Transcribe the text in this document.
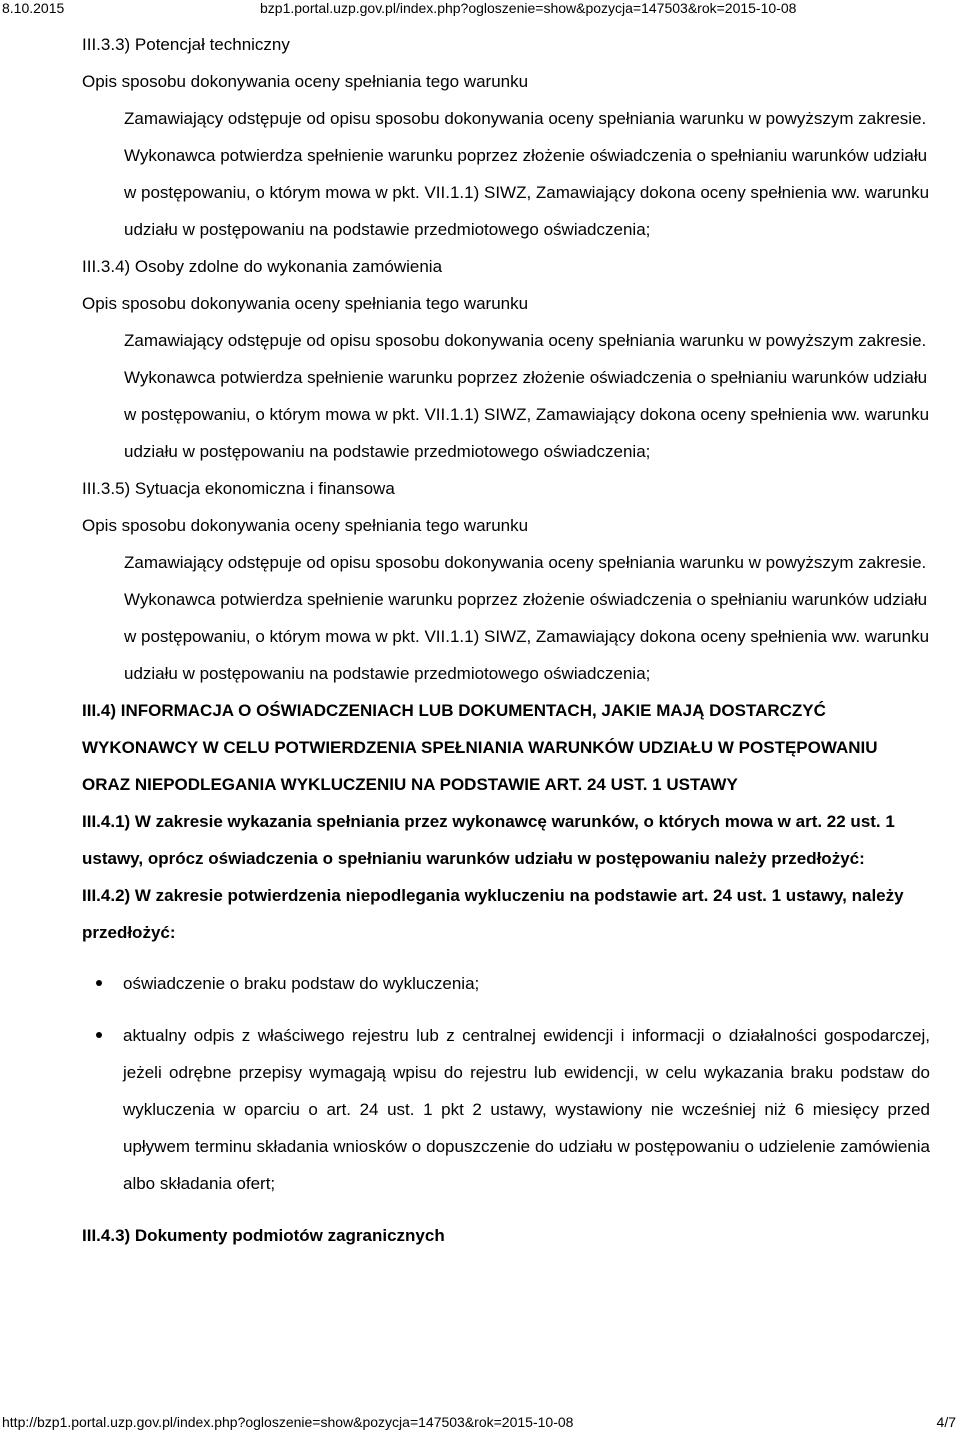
8.10.2015	bzp1.portal.uzp.gov.pl/index.php?ogloszenie=show&pozycja=147503&rok=2015-10-08

III.3.3) Potencjał techniczny

Opis sposobu dokonywania oceny spełniania tego warunku

Zamawiający odstępuje od opisu sposobu dokonywania oceny spełniania warunku w powyższym zakresie. Wykonawca potwierdza spełnienie warunku poprzez złożenie oświadczenia o spełnianiu warunków udziału w postępowaniu, o którym mowa w pkt. VII.1.1) SIWZ, Zamawiający dokona oceny spełnienia ww. warunku udziału w postępowaniu na podstawie przedmiotowego oświadczenia;

III.3.4) Osoby zdolne do wykonania zamówienia

Opis sposobu dokonywania oceny spełniania tego warunku

Zamawiający odstępuje od opisu sposobu dokonywania oceny spełniania warunku w powyższym zakresie. Wykonawca potwierdza spełnienie warunku poprzez złożenie oświadczenia o spełnianiu warunków udziału w postępowaniu, o którym mowa w pkt. VII.1.1) SIWZ, Zamawiający dokona oceny spełnienia ww. warunku udziału w postępowaniu na podstawie przedmiotowego oświadczenia;

III.3.5) Sytuacja ekonomiczna i finansowa

Opis sposobu dokonywania oceny spełniania tego warunku

Zamawiający odstępuje od opisu sposobu dokonywania oceny spełniania warunku w powyższym zakresie. Wykonawca potwierdza spełnienie warunku poprzez złożenie oświadczenia o spełnianiu warunków udziału w postępowaniu, o którym mowa w pkt. VII.1.1) SIWZ, Zamawiający dokona oceny spełnienia ww. warunku udziału w postępowaniu na podstawie przedmiotowego oświadczenia;

III.4) INFORMACJA O OŚWIADCZENIACH LUB DOKUMENTACH, JAKIE MAJĄ DOSTARCZYĆ WYKONAWCY W CELU POTWIERDZENIA SPEŁNIANIA WARUNKÓW UDZIAŁU W POSTĘPOWANIU ORAZ NIEPODLEGANIA WYKLUCZENIU NA PODSTAWIE ART. 24 UST. 1 USTAWY

III.4.1) W zakresie wykazania spełniania przez wykonawcę warunków, o których mowa w art. 22 ust. 1 ustawy, oprócz oświadczenia o spełnianiu warunków udziału w postępowaniu należy przedłożyć:

III.4.2) W zakresie potwierdzenia niepodlegania wykluczeniu na podstawie art. 24 ust. 1 ustawy, należy przedłożyć:

oświadczenie o braku podstaw do wykluczenia;
aktualny odpis z właściwego rejestru lub z centralnej ewidencji i informacji o działalności gospodarczej, jeżeli odrębne przepisy wymagają wpisu do rejestru lub ewidencji, w celu wykazania braku podstaw do wykluczenia w oparciu o art. 24 ust. 1 pkt 2 ustawy, wystawiony nie wcześniej niż 6 miesięcy przed upływem terminu składania wniosków o dopuszczenie do udziału w postępowaniu o udzielenie zamówienia albo składania ofert;

III.4.3) Dokumenty podmiotów zagranicznych

http://bzp1.portal.uzp.gov.pl/index.php?ogloszenie=show&pozycja=147503&rok=2015-10-08	4/7
